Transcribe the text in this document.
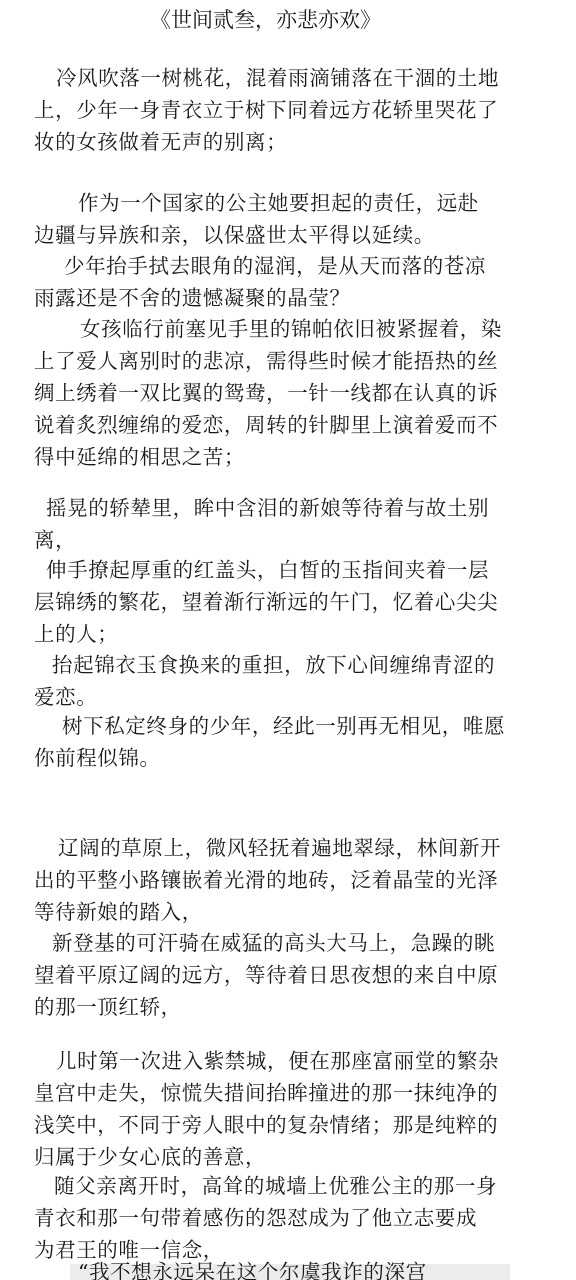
《世间贰叁，亦悲亦欢》
冷风吹落一树桃花，混着雨滴铺落在干涸的土地
上，少年一身青衣立于树下同着远方花轿里哭花了
妆的女孩做着无声的别离；
作为一个国家的公主她要担起的责任，远赴
边疆与异族和亲，以保盛世太平得以延续。
少年抬手拭去眼角的湿润，是从天而落的苍凉
雨露还是不舍的遗憾凝聚的晶莹？
女孩临行前塞见手里的锦帕依旧被紧握着，染
上了爱人离别时的悲凉，需得些时候才能捂热的丝
绸上绣着一双比翼的鸳鸯，一针一线都在认真的诉
说着炙烈缠绵的爱恋，周转的针脚里上演着爱而不
得中延绵的相思之苦；
摇晃的轿辇里，眸中含泪的新娘等待着与故土别
离，
伸手撩起厚重的红盖头，白皙的玉指间夹着一层
层锦绣的繁花，望着渐行渐远的午门，忆着心尖尖
上的人；
抬起锦衣玉食换来的重担，放下心间缠绵青涩的
爱恋。
树下私定终身的少年，经此一别再无相见，唯愿
你前程似锦。
辽阔的草原上，微风轻抚着遍地翠绿，林间新开
出的平整小路镶嵌着光滑的地砖，泛着晶莹的光泽
等待新娘的踏入，
新登基的可汗骑在威猛的高头大马上，急躁的眺
望着平原辽阔的远方，等待着日思夜想的来自中原
的那一顶红轿，
儿时第一次进入紫禁城，便在那座富丽堂的繁杂
皇宫中走失，惊慌失措间抬眸撞进的那一抹纯净的
浅笑中，不同于旁人眼中的复杂情绪；那是纯粹的
归属于少女心底的善意，
随父亲离开时，高耸的城墙上优雅公主的那一身
青衣和那一句带着感伤的怨怼成为了他立志要成
为君王的唯一信念，
“我不想永远呆在这个尔虞我诈的深宫
